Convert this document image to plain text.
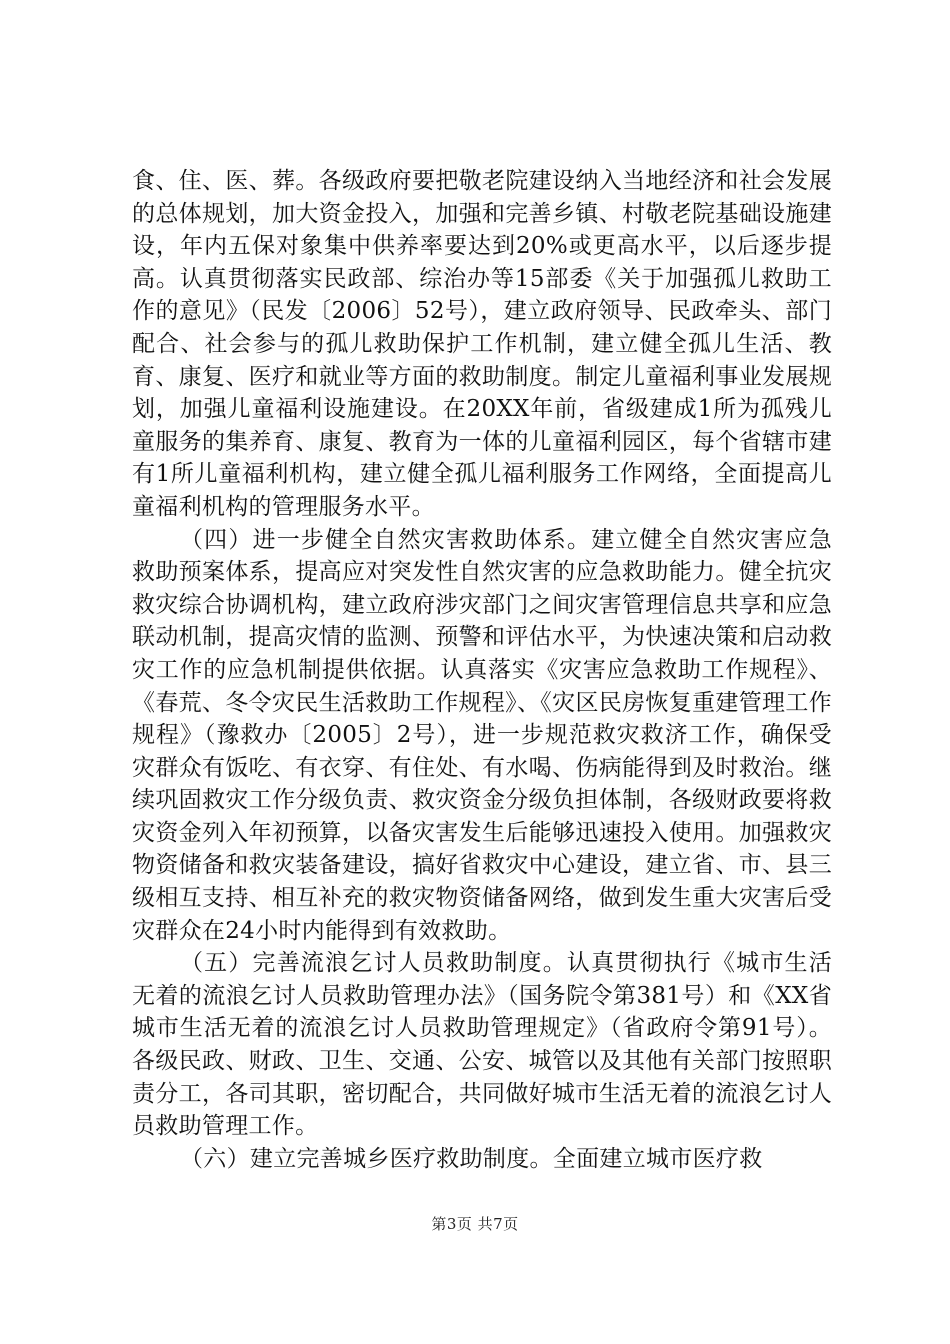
食、住、医、葬。各级政府要把敬老院建设纳入当地经济和社会发展的总体规划，加大资金投入，加强和完善乡镇、村敬老院基础设施建设，年内五保对象集中供养率要达到20%或更高水平，以后逐步提高。认真贯彻落实民政部、综治办等15部委《关于加强孤儿救助工作的意见》（民发〔2006〕52号），建立政府领导、民政牵头、部门配合、社会参与的孤儿救助保护工作机制，建立健全孤儿生活、教育、康复、医疗和就业等方面的救助制度。制定儿童福利事业发展规划，加强儿童福利设施建设。在20XX年前，省级建成1所为孤残儿童服务的集养育、康复、教育为一体的儿童福利园区，每个省辖市建有1所儿童福利机构，建立健全孤儿福利服务工作网络，全面提高儿童福利机构的管理服务水平。

（四）进一步健全自然灾害救助体系。建立健全自然灾害应急救助预案体系，提高应对突发性自然灾害的应急救助能力。健全抗灾救灾综合协调机构，建立政府涉灾部门之间灾害管理信息共享和应急联动机制，提高灾情的监测、预警和评估水平，为快速决策和启动救灾工作的应急机制提供依据。认真落实《灾害应急救助工作规程》、《春荒、冬令灾民生活救助工作规程》、《灾区民房恢复重建管理工作规程》（豫救办〔2005〕2号），进一步规范救灾救济工作，确保受灾群众有饭吃、有衣穿、有住处、有水喝、伤病能得到及时救治。继续巩固救灾工作分级负责、救灾资金分级负担体制，各级财政要将救灾资金列入年初预算，以备灾害发生后能够迅速投入使用。加强救灾物资储备和救灾装备建设，搞好省救灾中心建设，建立省、市、县三级相互支持、相互补充的救灾物资储备网络，做到发生重大灾害后受灾群众在24小时内能得到有效救助。

（五）完善流浪乞讨人员救助制度。认真贯彻执行《城市生活无着的流浪乞讨人员救助管理办法》（国务院令第381号）和《XX省城市生活无着的流浪乞讨人员救助管理规定》（省政府令第91号）。各级民政、财政、卫生、交通、公安、城管以及其他有关部门按照职责分工，各司其职，密切配合，共同做好城市生活无着的流浪乞讨人员救助管理工作。

（六）建立完善城乡医疗救助制度。全面建立城市医疗救

第3页 共7页
